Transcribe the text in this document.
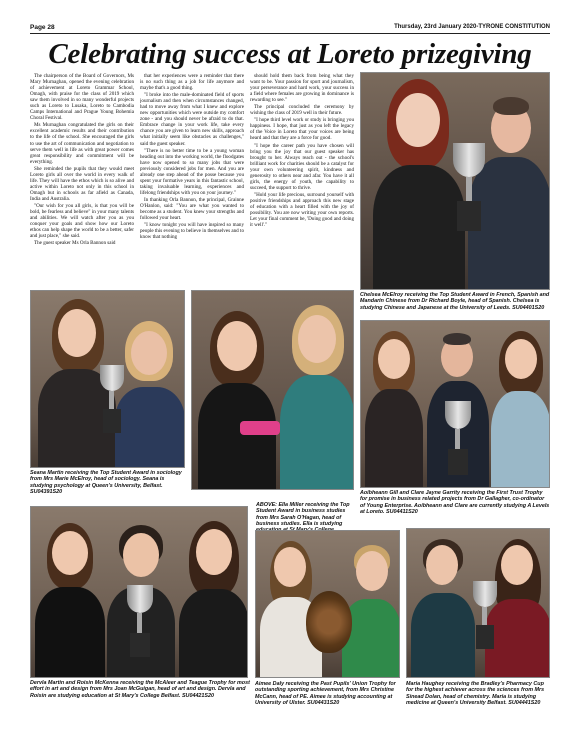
Page 28	Thursday, 23rd January 2020-TYRONE CONSTITUTION
Celebrating success at Loreto prizegiving

The chairperson of the Board of Governors, Ms Mary Murnaghan, opened the evening celebration of achievement at Loreto Grammar School, Omagh, with praise for the class of 2019 which saw them involved in so many wonderful projects such as Loreto to Lusaka, Loreto to Cambodia Camps International and Prague Young Bohemia Choral Festival.

Ms Murnaghan congratulated the girls on their excellent academic results and their contribution to the life of the school. She encouraged the girls to use the art of communication and negotiation to serve them well in life as with great power comes great responsibility and commitment will be everything.

She reminded the pupils that they would meet Loreto girls all over the world in every walk of life. They will have the ethos which is so alive and active within Loreto not only in this school in Omagh but in schools as far afield as Canada, India and Australia.

"Our wish for you all girls, is that you will be bold, be fearless and believe" in your many talents and abilities. We will watch after you as you conquer your goals and show how our Loreto ethos can help shape the world to be a better, safer and just place," she said.

The guest speaker Ms Orla Bannon said

that her experiences were a reminder that there is no such thing as a job for life anymore and maybe that's a good thing.

"I broke into the male-dominated field of sports journalism and then when circumstances changed, had to move away from what I knew and explore new opportunities which were outside my comfort zone - and you should never be afraid to do that. Embrace change in your work life, take every chance you are given to learn new skills, approach what initially seem like obstacles as challenges," said the guest speaker.

"There is no better time to be a young woman heading out into the working world, the floodgates have now opened to so many jobs that were previously considered jobs for men. And you are already one step ahead of the posse because you spent your formative years in this fantastic school, taking invaluable learning, experiences and lifelong friendships with you on your journey."

In thanking Orla Bannon, the principal, Grainne O'Hanlon, said: "You are what you wanted to become as a student. You knew your strengths and followed your heart.

"I know tonight you will have inspired so many people this evening to believe in themselves and to know that nothing

should hold them back from being what they want to be. Your passion for sport and journalism, your perseverance and hard work, your success in a field where females are growing in dominance is rewarding to see."

The principal concluded the ceremony by wishing the class of 2019 well in their future.

"I hope third level work or study is bringing you happiness. I hope, that just as you left the legacy of the Voice in Loreto that your voices are being heard and that they are a force for good.

"I hope the career path you have chosen will bring you the joy that our guest speaker has brought to her. Always reach out - the school's brilliant work for charities should be a catalyst for your own volunteering spirit, kindness and generosity to others near and afar. You have it all girls, the energy of youth, the capability to succeed, the support to thrive.

"Hold your life precious, surround yourself with positive friendships and approach this new stage of education with a heart filled with the joy of possibility. You are now writing your own reports. Let your final comment be, 'Doing good and doing it well'."

Chelsea McElroy receiving the Top Student Award in French, Spanish and Mandarin Chinese from Dr Richard Boyle, head of Spanish. Chelsea is studying Chinese and Japanese at the University of Leeds. SU04401S20
Seana Martin receiving the Top Student Award in sociology from Mrs Marie McElroy, head of sociology. Seana is studying psychology at Queen's University, Belfast. SU04391S20
ABOVE: Ella Miller receiving the Top Student Award in business studies from Mrs Sarah O'Hagan, head of business studies. Ella is studying
Aoibheann Gill and Clare Jayne Garrity receiving the First Trust Trophy for promise in business related projects from Dr Gallagher, co-ordinator of Young Enterprise. Aoibheann and Clare are currently studying A Levels at Loreto. SU04411S20
Dervla Martin and Roisin McKenna receiving the McAleer and Teague Trophy for most effort in art and design from Mrs Joan McGuigan, head of art and design. Dervla and Roisin are studying education at St Mary's College Belfast. SU04421S20
Aimee Daly receiving the Past Pupils' Union Trophy for outstanding sporting achievement, from Mrs Christine McCann, head of PE. Aimee is studying accounting at University of Ulster. SU04431S20
Maria Haughey receiving the Bradley's Pharmacy Cup for the highest achiever across the sciences from Mrs Sinead Dolan, head of chemistry. Maria is studying medicine at Queen's University Belfast. SU04441S20
